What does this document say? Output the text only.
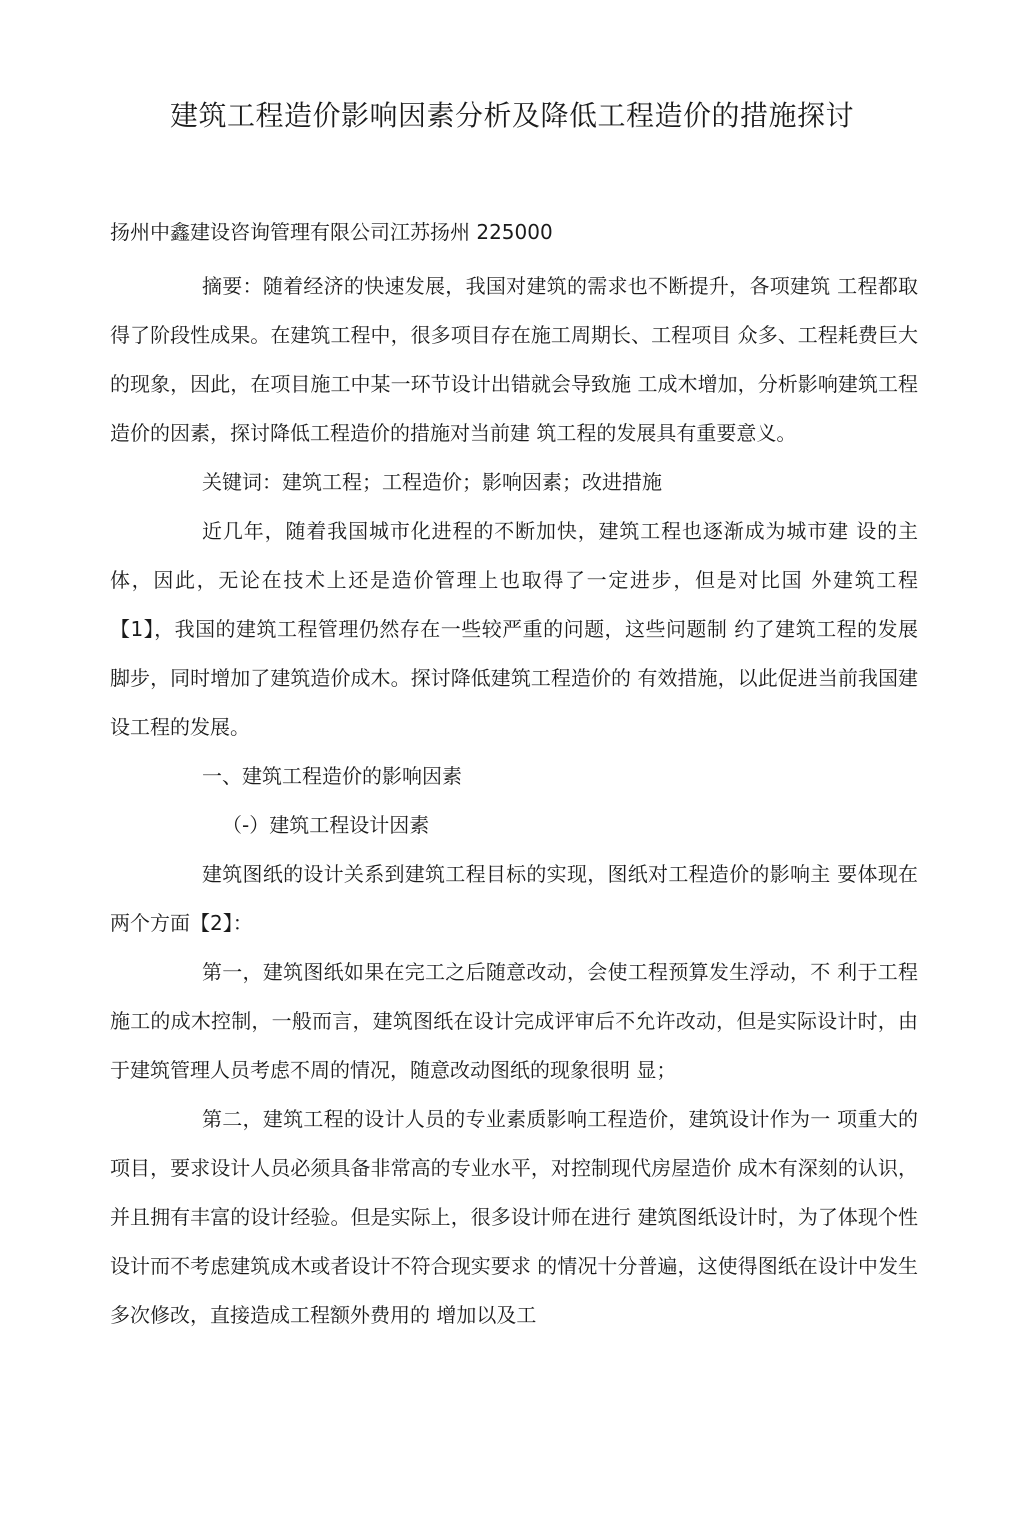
建筑工程造价影响因素分析及降低工程造价的措施探讨
扬州中鑫建设咨询管理有限公司江苏扬州 225000

摘要：随着经济的快速发展，我国对建筑的需求也不断提升，各项建筑 工程都取得了阶段性成果。在建筑工程中，很多项目存在施工周期长、工程项目 众多、工程耗费巨大的现象，因此，在项目施工中某一环节设计出错就会导致施 工成木增加，分析影响建筑工程造价的因素，探讨降低工程造价的措施对当前建 筑工程的发展具有重要意义。

关键词：建筑工程；工程造价；影响因素；改进措施

近几年，随着我国城市化进程的不断加快，建筑工程也逐渐成为城市建 设的主体，因此，无论在技术上还是造价管理上也取得了一定进步，但是对比国 外建筑工程【1】，我国的建筑工程管理仍然存在一些较严重的问题，这些问题制 约了建筑工程的发展脚步，同时增加了建筑造价成木。探讨降低建筑工程造价的 有效措施，以此促进当前我国建设工程的发展。

一、建筑工程造价的影响因素

（-）建筑工程设计因素

建筑图纸的设计关系到建筑工程目标的实现，图纸对工程造价的影响主 要体现在两个方面【2】：

第一，建筑图纸如果在完工之后随意改动，会使工程预算发生浮动，不 利于工程施工的成木控制，一般而言，建筑图纸在设计完成评审后不允许改动，但是实际设计时，由于建筑管理人员考虑不周的情况，随意改动图纸的现象很明 显；

第二，建筑工程的设计人员的专业素质影响工程造价，建筑设计作为一 项重大的项目，要求设计人员必须具备非常高的专业水平，对控制现代房屋造价 成木有深刻的认识，并且拥有丰富的设计经验。但是实际上，很多设计师在进行 建筑图纸设计时，为了体现个性设计而不考虑建筑成木或者设计不符合现实要求 的情况十分普遍，这使得图纸在设计中发生多次修改，直接造成工程额外费用的 增加以及工
